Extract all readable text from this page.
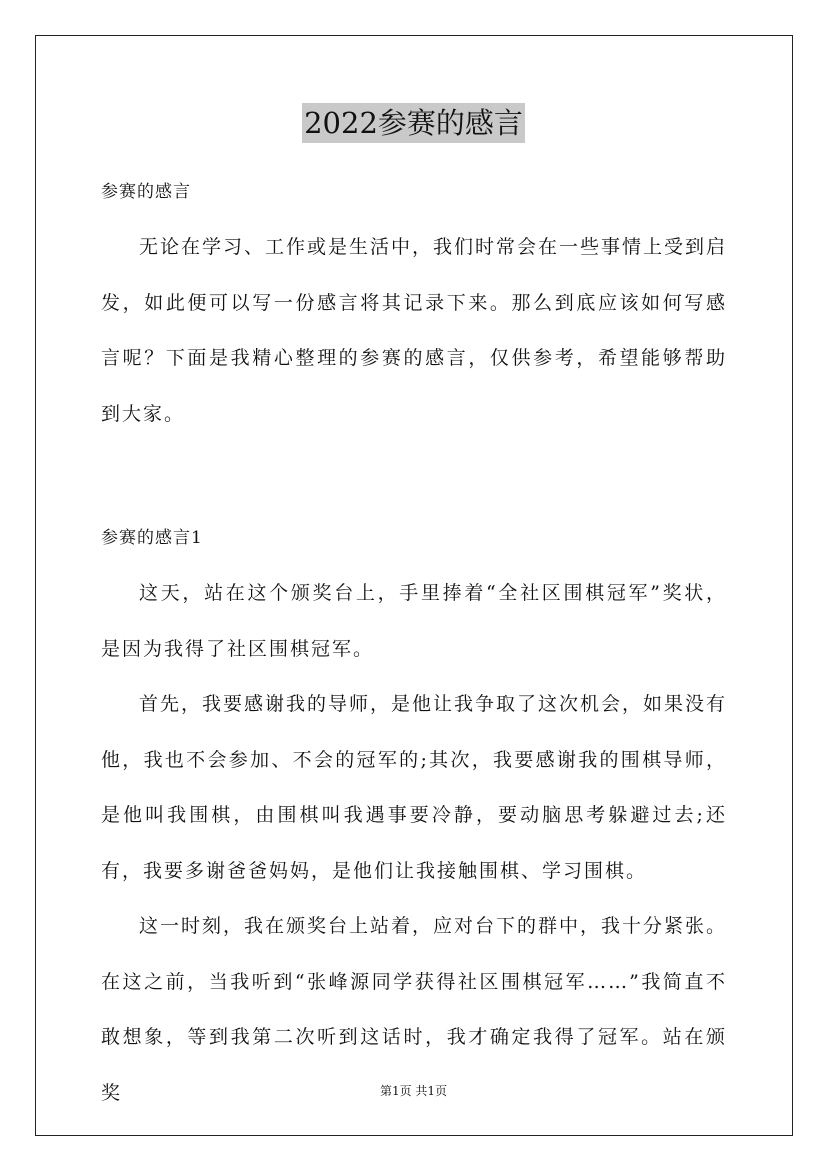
2022参赛的感言

参赛的感言

无论在学习、工作或是生活中，我们时常会在一些事情上受到启发，如此便可以写一份感言将其记录下来。那么到底应该如何写感言呢？下面是我精心整理的参赛的感言，仅供参考，希望能够帮助到大家。

参赛的感言1

这天，站在这个颁奖台上，手里捧着“全社区围棋冠军”奖状，是因为我得了社区围棋冠军。

首先，我要感谢我的导师，是他让我争取了这次机会，如果没有他，我也不会参加、不会的冠军的;其次，我要感谢我的围棋导师，是他叫我围棋，由围棋叫我遇事要冷静，要动脑思考躲避过去;还有，我要多谢爸爸妈妈，是他们让我接触围棋、学习围棋。

这一时刻，我在颁奖台上站着，应对台下的群中，我十分紧张。在这之前，当我听到“张峰源同学获得社区围棋冠军……”我简直不敢想象，等到我第二次听到这话时，我才确定我得了冠军。站在颁奖	第1页 共1页
